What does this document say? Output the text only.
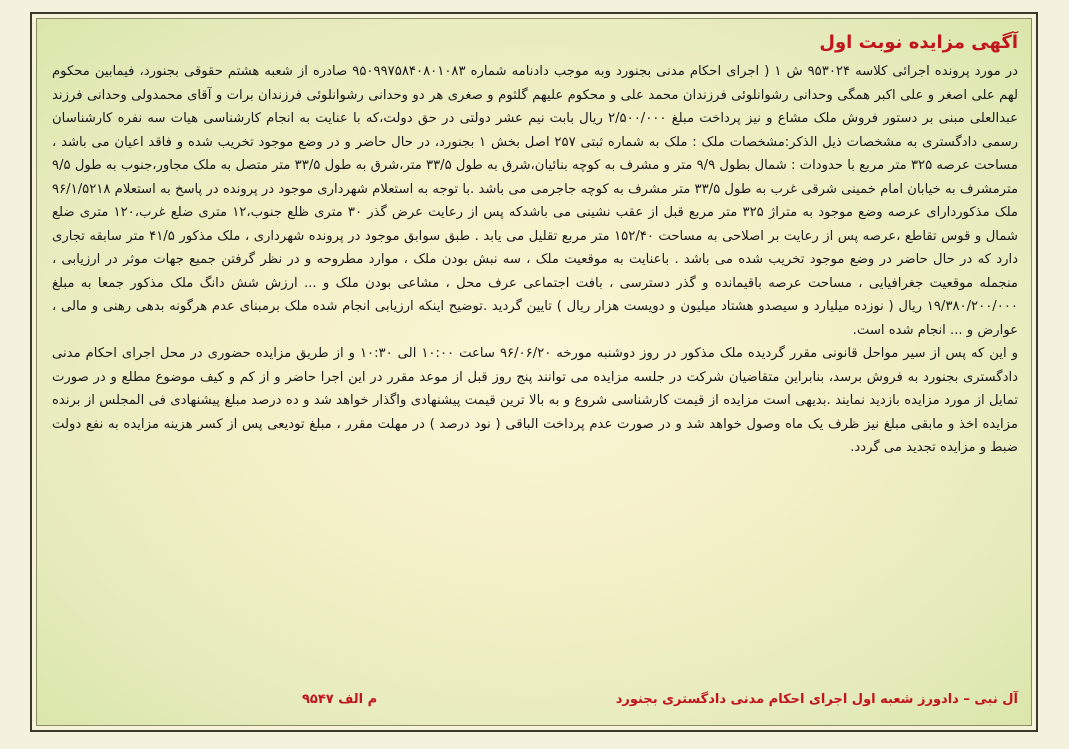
آگهی مزایده نوبت اول

در مورد پرونده اجرائی کلاسه ۹۵۳۰۲۴ ش ۱ ( اجرای احکام مدنی بجنورد وبه موجب دادنامه شماره ۹۵۰۹۹۷۵۸۴۰۸۰۱۰۸۳ صادره از شعبه هشتم حقوقی بجنورد، فیمابین محکوم لهم علی اصغر و علی اکبر همگی وحدانی رشوانلوئی فرزندان محمد علی و محکوم علیهم گلثوم و صغری هر دو وحدانی رشوانلوئی فرزندان برات و آقای محمدولی وحدانی فرزند عبدالعلی مبنی بر دستور فروش ملک مشاع و نیز پرداخت مبلغ ۲/۵۰۰/۰۰۰ ریال بابت نیم عشر دولتی در حق دولت،که با عنایت به انجام کارشناسی هیات سه نفره کارشناسان رسمی دادگستری به مشخصات ذیل الذکر:مشخصات ملک : ملک به شماره ثبتی ۲۵۷ اصل بخش ۱ بجنورد، در حال حاضر و در وضع موجود تخریب شده و فاقد اعیان می باشد ، مساحت عرصه ۳۲۵ متر مربع با حدودات : شمال بطول ۹/۹ متر و مشرف به کوچه بنائیان،شرق به طول ۳۳/۵ متر،شرق به طول ۳۳/۵ متر متصل به ملک مجاور،جنوب به طول ۹/۵ مترمشرف به خیابان امام خمینی شرقی غرب به طول ۳۳/۵ متر مشرف به کوچه جاجرمی می باشد .با توجه به استعلام شهرداری موجود در پرونده در پاسخ به استعلام ۹۶/۱/۵۲۱۸ ملک مذکوردارای عرصه وضع موجود به متراژ ۳۲۵ متر مربع قبل از عقب نشینی می باشدکه پس از رعایت عرض گذر ۳۰ متری ظلع جنوب،۱۲ متری ضلع غرب،۱۲۰ متری ضلع شمال و قوس تقاطع ،عرصه پس از رعایت بر اصلاحی به مساحت ۱۵۲/۴۰ متر مربع تقلیل می یابد . طبق سوابق موجود در پرونده شهرداری ، ملک مذکور ۴۱/۵ متر سابقه تجاری دارد که در حال حاضر در وضع موجود تخریب شده می باشد . باعنایت به موقعیت ملک ، سه نبش بودن ملک ، موارد مطروحه و در نظر گرفتن جمیع جهات موثر در ارزیابی ، منجمله موقعیت جغرافیایی ، مساحت عرصه باقیمانده و گذر دسترسی ، بافت اجتماعی عرف محل ، مشاعی بودن ملک و ... ارزش شش دانگ ملک مذکور جمعا به مبلغ ۱۹/۳۸۰/۲۰۰/۰۰۰ ریال ( نوزده میلیارد و سیصدو هشتاد میلیون و دویست هزار ریال ) تایین گردید .توضیح اینکه ارزیابی انجام شده ملک برمبنای عدم هرگونه بدهی رهنی و مالی ، عوارض و ... انجام شده است.

و این که پس از سیر مواحل قانونی مقرر گردیده ملک مذکور در روز دوشنبه مورخه ۹۶/۰۶/۲۰ ساعت ۱۰:۰۰ الی ۱۰:۳۰ و از طریق مزایده حضوری در محل اجرای احکام مدنی دادگستری بجنورد به فروش برسد، بنابراین متقاضیان شرکت در جلسه مزایده می توانند پنج روز قبل از موعد مقرر در این اجرا حاضر و از کم و کیف موضوع مطلع و در صورت تمایل از مورد مزایده بازدید نمایند .بدیهی است مزایده از قیمت کارشناسی شروع و به بالا ترین قیمت پیشنهادی واگذار خواهد شد و ده درصد مبلغ پیشنهادی فی المجلس از برنده مزایده اخذ و مابقی مبلغ نیز ظرف یک ماه وصول خواهد شد و در صورت عدم پرداخت الباقی ( نود درصد ) در مهلت مقرر ، مبلغ تودیعی پس از کسر هزینه مزایده به نفع دولت ضبط و مزایده تجدید می گردد.

آل نبی – دادورز شعبه اول اجرای احکام مدنی دادگستری بجنورد
م الف ۹۵۴۷
